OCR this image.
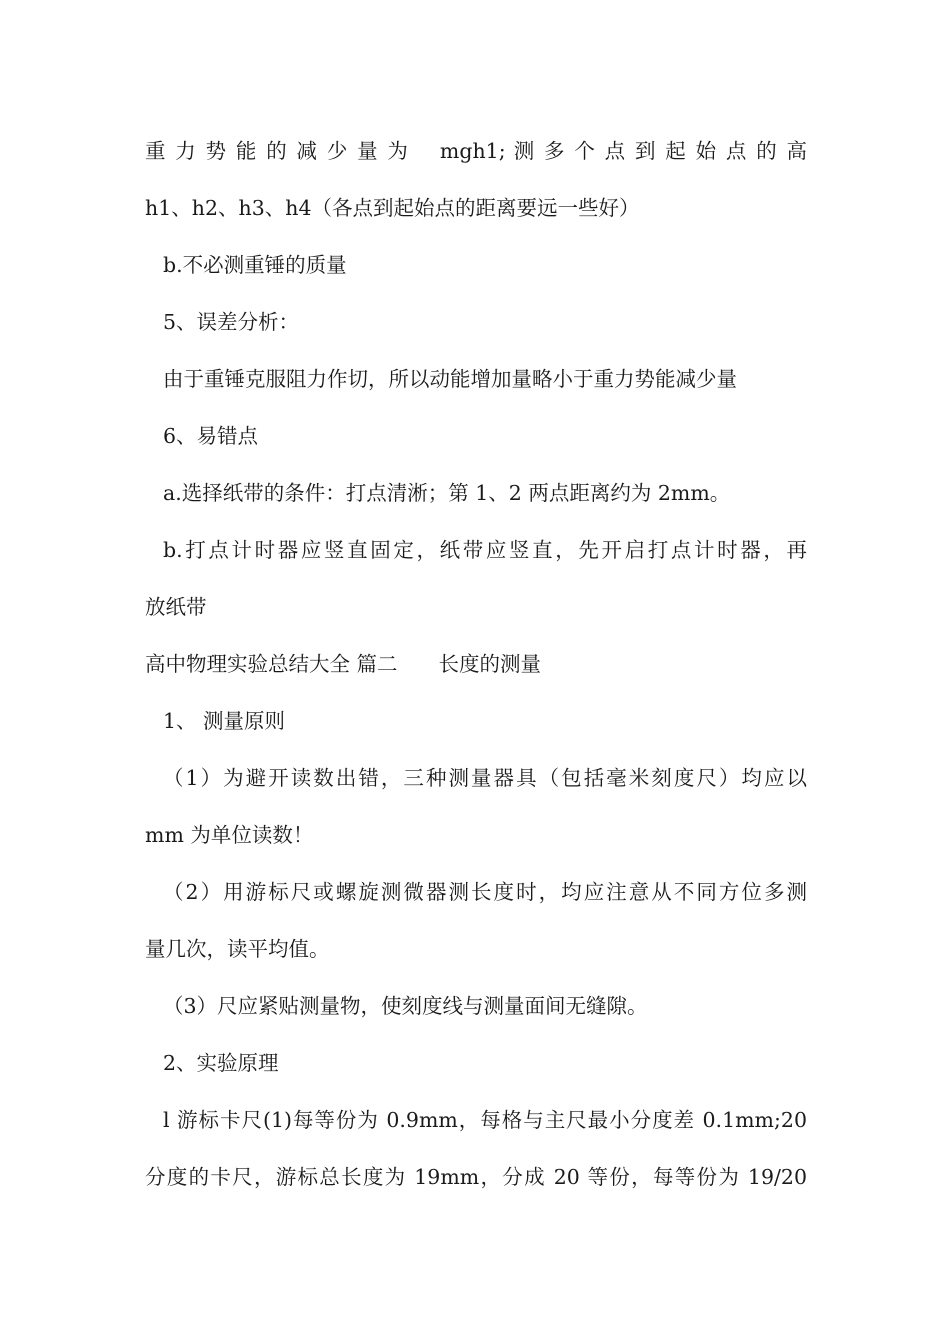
重 力 势 能 的 减 少 量 为　 mgh1; 测 多 个 点 到 起 始 点 的 高
h1、h2、h3、h4（各点到起始点的距离要远一些好）
b.不必测重锤的质量
5、误差分析：
由于重锤克服阻力作切，所以动能增加量略小于重力势能减少量
6、易错点
a.选择纸带的条件：打点清淅；第 1、2 两点距离约为 2mm。
b.打点计时器应竖直固定，纸带应竖直，先开启打点计时器，再
放纸带
高中物理实验总结大全 篇二　　长度的测量
1、 测量原则
（1）为避开读数出错，三种测量器具（包括毫米刻度尺）均应以
mm 为单位读数！
（2）用游标尺或螺旋测微器测长度时，均应注意从不同方位多测
量几次，读平均值。
（3）尺应紧贴测量物，使刻度线与测量面间无缝隙。
2、实验原理
l 游标卡尺(1)每等份为 0.9mm，每格与主尺最小分度差 0.1mm;20
分度的卡尺，游标总长度为 19mm，分成 20 等份，每等份为 19/20
